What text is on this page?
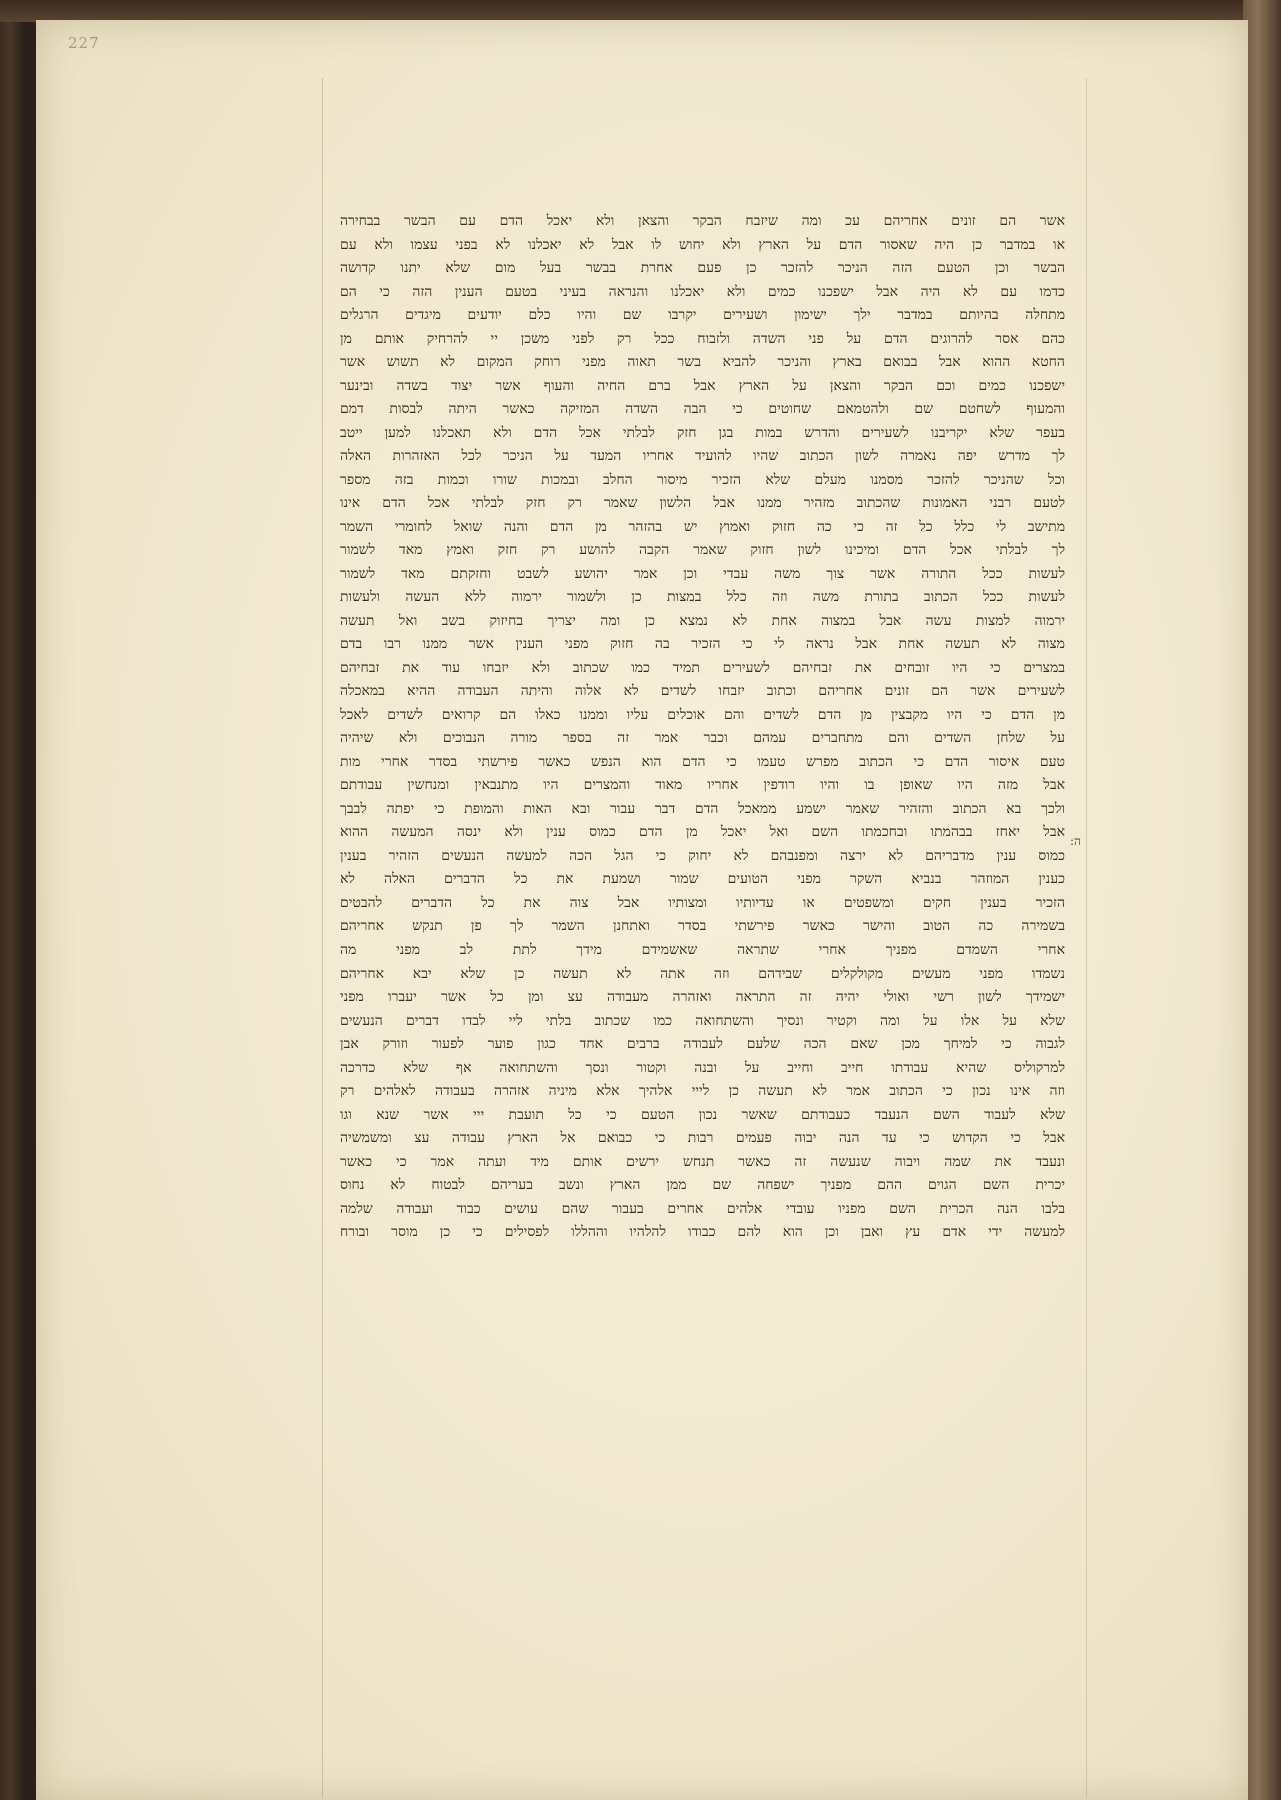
227
אשר הם זונים אחריהם עכ ומה שיזבח הבקר והצאן ולא יאכל הדם עם הבשר בבחירה
או במדבר כן היה שאסור הדם על הארץ ולא יחוש לו אבל לא יאכלנו לא בפני עצמו ולא עם
הבשר וכן הטעם הזה הניכר להזכר כן פעם אחרת בבשר בעל מום שלא יתנו קדושה
כדמו עם לא היה אבל ישפכנו כמים ולא יאכלנו והנראה בעיני בטעם הענין הזה כי הם
מתחלה בהיותם במדבר ילך ישימון ושעירים יקרבו שם והיו כלם יודעים מיגדים הרגלים
כהם אסר להרוגים הדם על פני השדה ולזבוח ככל רק לפני משכן יי להרחיק אותם מן
החטא ההוא אבל בבואם בארץ והניכר להביא בשר תאוה מפני רוחק המקום לא תשוש אשר
ישפכנו כמים וכם הבקר והצאן על הארץ אבל ברם החיה והעוף אשר יצוד בשדה ובינער
והמעוף לשחטם שם ולהטמאם שחוטים כי הבה השדה המזיקה כאשר היתה לבסות דמם
בעפר שלא יקריבנו לשעירים והדרש במות בגן חזק לבלתי אכל הדם ולא תאכלנו למען ייטב
לך מדרש יפה נאמרה לשון הכתוב שהיו להועיד אחריו המעד על הניכר לכל האזהרות האלה
וכל שהניכר להזכר מסמנו מעלם שלא הזכיר מיסור החלב ובמכות שורו וכמות בזה מספר
לטעם רבני האמונות שהכתוב מזהיר ממנו אבל הלשון שאמר רק חזק לבלתי אכל הדם אינו
מתישב לי כלל כל זה כי כה חזוק ואמוץ יש בהזהר מן הדם והנה שואל לחומרי השמר
לך לבלתי אכל הדם ומיכינו לשון חזוק שאמר הקבה להושע רק חזק ואמץ מאד לשמור
לעשות ככל התורה אשר צוך משה עבדי וכן אמר יהושע לשבט וחזקתם מאד לשמור
לעשות ככל הכתוב בתורת משה וזה כלל במצות כן ולשמור ירמוה ללא העשה ולעשות
ירמוה למצות עשה אבל במצוה אחת לא נמצא כן ומה יצריך בחיזוק בשב ואל תעשה
מצוה לא תעשה אחת אבל נראה לי כי הזכיר בה חזוק מפני הענין אשר ממנו רבו בדם
במצרים כי היו זובחים את זבחיהם לשעירים תמיד כמו שכתוב ולא יזבחו עוד את זבחיהם
לשעירים אשר הם זונים אחריהם וכתוב יזבחו לשדים לא אלוה והיתה העבודה ההיא במאכלה
מן הדם כי היו מקבצין מן הדם לשדים והם אוכלים עליו וממנו כאלו הם קרואים לשדים לאכל
על שלחן השדים והם מתחברים עמהם וכבר אמר זה בספר מורה הנבוכים ולא שיהיה
טעם איסור הדם כי הכתוב מפרש טעמו כי הדם הוא הנפש כאשר פירשתי בסדר אחרי מות
אבל מזה היו שאופן בו והיו רודפין אחריו מאוד והמצרים היו מתנבאין ומנחשין עבודתם
ולכך בא הכתוב והזהיר שאמר ישמע ממאכל הדם דבר עבור ובא האות והמופת כי יפתה לבבך
אבל יאחז בבהמתו ובחכמתו השם ואל יאכל מן הדם כמוס ענין ולא ינסה המעשה ההוא
כמוס ענין מדבריהם לא ירצה ומפנבהם לא יחוק כי הגל הכה למעשה הנעשים הזהיר בענין
כענין המוזהר בנביא השקר מפני הטועים שמור ושמעת את כל הדברים האלה לא
הזכיר בענין חקים ומשפטים או עדיותיו ומצותיו אבל צוה את כל הדברים להבטים
בשמירה כה הטוב והישר כאשר פירשתי בסדר ואתחנן השמר לך פן תנקש אחריהם
אחרי השמדם מפניך אחרי שתראה שאשמידם מידך לתת לב מפני מה
נשמדו מפני מעשים מקולקלים שבידהם וזה אתה לא תעשה כן שלא יבא אחריהם
ישמידך לשון רשי ואולי יהיה זה התראה ואזהרה מעבודה עצ ומן כל אשר יעברו מפני
שלא על אלו על ומה וקטיר ונסיך והשתחואה כמו שכתוב בלתי ליי לבדו דברים הנעשים
לגבוה כי למיחך מכן שאם הכה שלעם לעבודה ברבים אחד כגון פוער לפעור וזורק אבן
למרקוליס שהיא עבודתו חייב וחייב על ובנה וקטור ונסך והשתחואה אף שלא כדרכה
וזה אינו נכון כי הכתוב אמר לא תעשה כן לייי אלהיך אלא מיניה אזהרה בעבודה לאלהים רק
שלא לעבוד השם הנעבד כעבודתם שאשר נכון הטעם כי כל תועבת ייי אשר שנא וגו
אבל כי הקדוש כי עד הנה יבוה פעמים רבות כי כבואם אל הארץ עבודה עצ ומשמשיה
ונעבד את שמה ויבוה שנעשה זה כאשר תנחש ירשים אותם מיד ועתה אמר כי כאשר
יכרית השם הגוים ההם מפניך ישפחה שם ממן הארץ ונשב בעריהם לבטוח לא נחוס
בלבו הנה הכרית השם מפניו עובדי אלהים אחרים בעבור שהם עושים כבוד ועבודה שלמה
למעשה ידי אדם עץ ואבן וכן הוא להם כבודו להלהיו וההללו לפסילים כי כן מוסר ובורח
:ה
